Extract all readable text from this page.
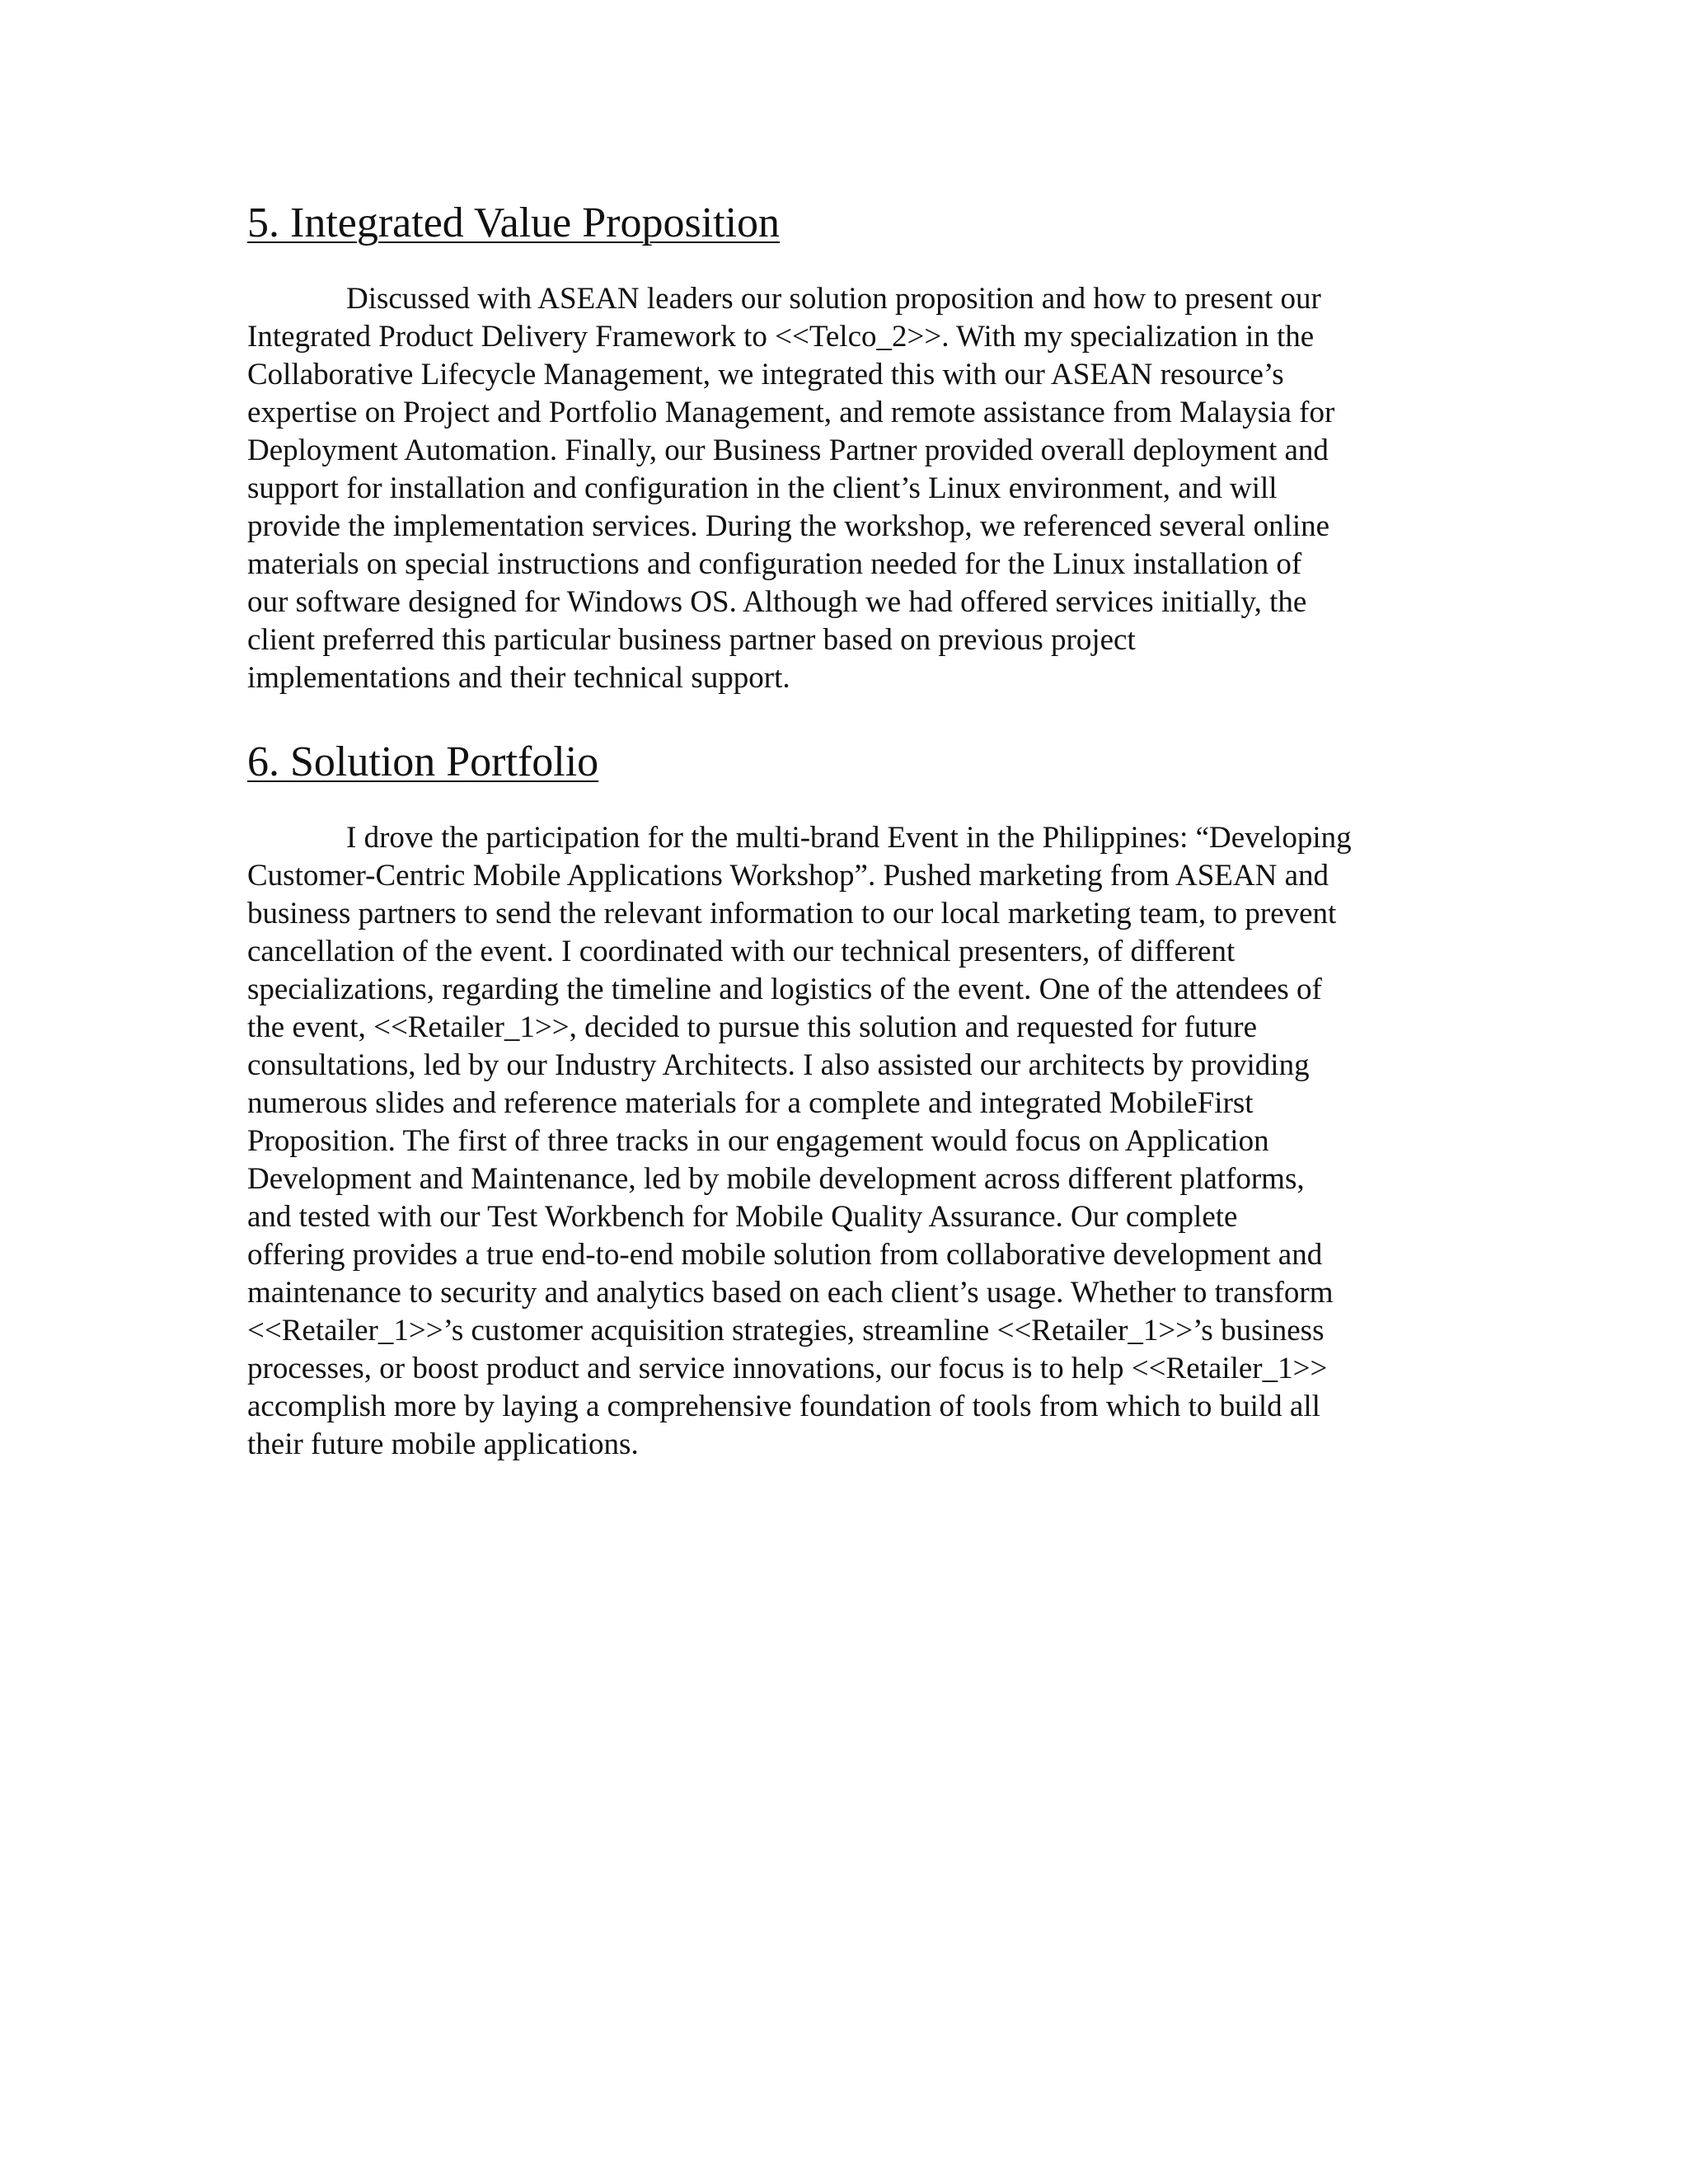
5. Integrated Value Proposition

Discussed with ASEAN leaders our solution proposition and how to present our
Integrated Product Delivery Framework to <<Telco_2>>. With my specialization in the
Collaborative Lifecycle Management, we integrated this with our ASEAN resource’s
expertise on Project and Portfolio Management, and remote assistance from Malaysia for
Deployment Automation. Finally, our Business Partner provided overall deployment and
support for installation and configuration in the client’s Linux environment, and will
provide the implementation services. During the workshop, we referenced several online
materials on special instructions and configuration needed for the Linux installation of
our software designed for Windows OS. Although we had offered services initially, the
client preferred this particular business partner based on previous project
implementations and their technical support.

6. Solution Portfolio

I drove the participation for the multi-brand Event in the Philippines: “Developing
Customer-Centric Mobile Applications Workshop”. Pushed marketing from ASEAN and
business partners to send the relevant information to our local marketing team, to prevent
cancellation of the event. I coordinated with our technical presenters, of different
specializations, regarding the timeline and logistics of the event. One of the attendees of
the event, <<Retailer_1>>, decided to pursue this solution and requested for future
consultations, led by our Industry Architects. I also assisted our architects by providing
numerous slides and reference materials for a complete and integrated MobileFirst
Proposition. The first of three tracks in our engagement would focus on Application
Development and Maintenance, led by mobile development across different platforms,
and tested with our Test Workbench for Mobile Quality Assurance. Our complete
offering provides a true end-to-end mobile solution from collaborative development and
maintenance to security and analytics based on each client’s usage. Whether to transform
<<Retailer_1>>’s customer acquisition strategies, streamline <<Retailer_1>>’s business
processes, or boost product and service innovations, our focus is to help <<Retailer_1>>
accomplish more by laying a comprehensive foundation of tools from which to build all
their future mobile applications.
